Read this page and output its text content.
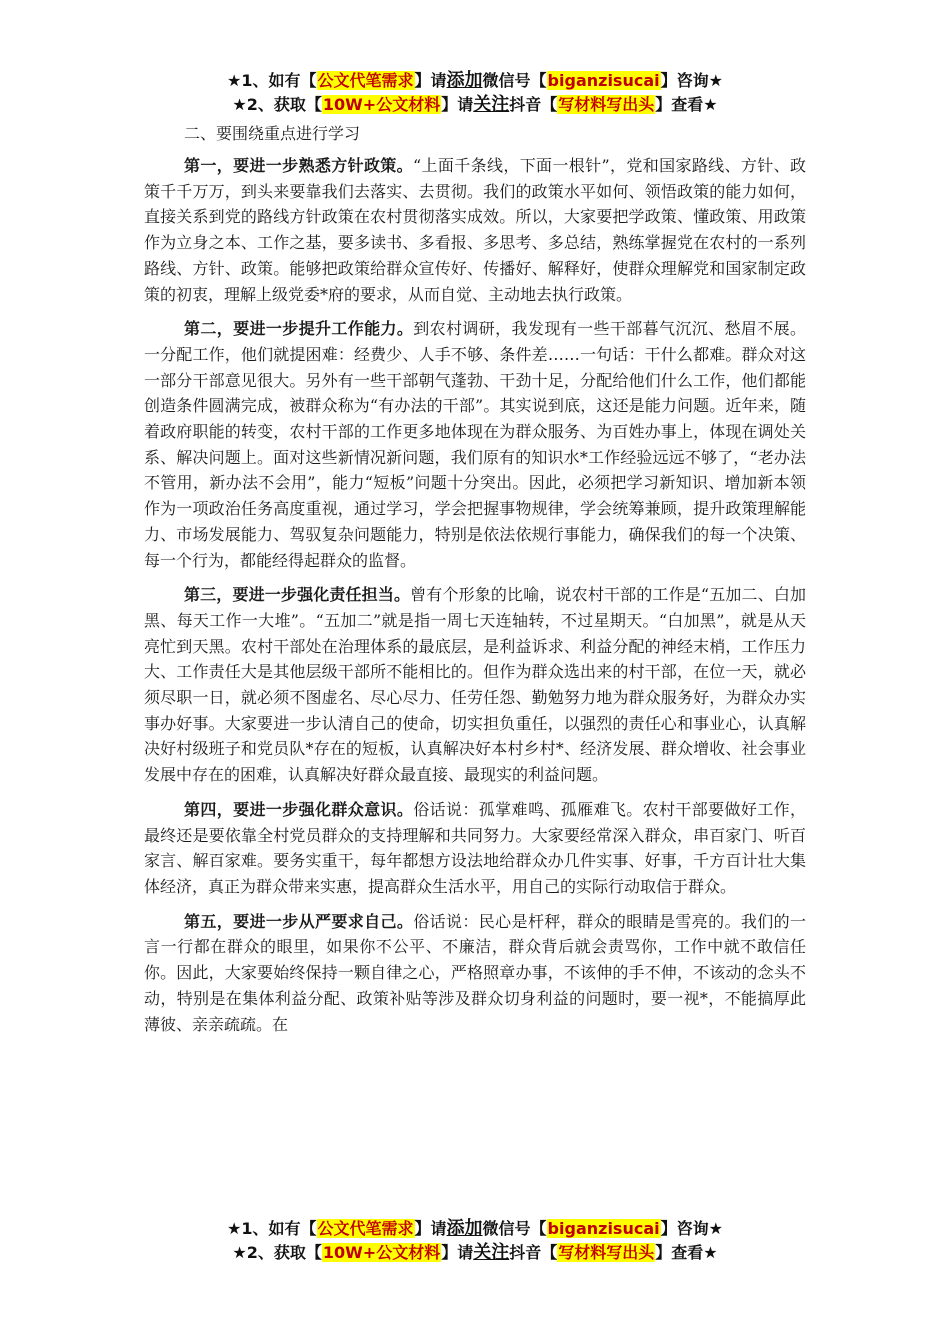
★1、如有【公文代笔需求】请添加微信号【biganzisucai】咨询★
★2、获取【10W+公文材料】请关注抖音【写材料写出头】查看★

二、要围绕重点进行学习

第一，要进一步熟悉方针政策。“上面千条线，下面一根针”，党和国家路线、方针、政策千千万万，到头来要靠我们去落实、去贯彻。我们的政策水平如何、领悟政策的能力如何，直接关系到党的路线方针政策在农村贯彻落实成效。所以，大家要把学政策、懂政策、用政策作为立身之本、工作之基，要多读书、多看报、多思考、多总结，熟练掌握党在农村的一系列路线、方针、政策。能够把政策给群众宣传好、传播好、解释好，使群众理解党和国家制定政策的初衷，理解上级党委*府的要求，从而自觉、主动地去执行政策。

第二，要进一步提升工作能力。到农村调研，我发现有一些干部暮气沉沉、愁眉不展。一分配工作，他们就提困难：经费少、人手不够、条件差……一句话：干什么都难。群众对这一部分干部意见很大。另外有一些干部朝气蓬勃、干劲十足，分配给他们什么工作，他们都能创造条件圆满完成，被群众称为“有办法的干部”。其实说到底，这还是能力问题。近年来，随着政府职能的转变，农村干部的工作更多地体现在为群众服务、为百姓办事上，体现在调处关系、解决问题上。面对这些新情况新问题，我们原有的知识水*工作经验远远不够了，“老办法不管用，新办法不会用”，能力“短板”问题十分突出。因此，必须把学习新知识、增加新本领作为一项政治任务高度重视，通过学习，学会把握事物规律，学会统筹兼顾，提升政策理解能力、市场发展能力、驾驭复杂问题能力，特别是依法依规行事能力，确保我们的每一个决策、每一个行为，都能经得起群众的监督。

第三，要进一步强化责任担当。曾有个形象的比喻，说农村干部的工作是“五加二、白加黑、每天工作一大堆”。“五加二”就是指一周七天连轴转，不过星期天。“白加黑”，就是从天亮忙到天黑。农村干部处在治理体系的最底层，是利益诉求、利益分配的神经末梢，工作压力大、工作责任大是其他层级干部所不能相比的。但作为群众选出来的村干部，在位一天，就必须尽职一日，就必须不图虚名、尽心尽力、任劳任怨、勤勉努力地为群众服务好，为群众办实事办好事。大家要进一步认清自己的使命，切实担负重任，以强烈的责任心和事业心，认真解决好村级班子和党员队*存在的短板，认真解决好本村乡村*、经济发展、群众增收、社会事业发展中存在的困难，认真解决好群众最直接、最现实的利益问题。

第四，要进一步强化群众意识。俗话说：孤掌难鸣、孤雁难飞。农村干部要做好工作，最终还是要依靠全村党员群众的支持理解和共同努力。大家要经常深入群众，串百家门、听百家言、解百家难。要务实重干，每年都想方设法地给群众办几件实事、好事，千方百计壮大集体经济，真正为群众带来实惠，提高群众生活水平，用自己的实际行动取信于群众。

第五，要进一步从严要求自己。俗话说：民心是杆秤，群众的眼睛是雪亮的。我们的一言一行都在群众的眼里，如果你不公平、不廉洁，群众背后就会责骂你，工作中就不敢信任你。因此，大家要始终保持一颗自律之心，严格照章办事，不该伸的手不伸，不该动的念头不动，特别是在集体利益分配、政策补贴等涉及群众切身利益的问题时，要一视*，不能搞厚此薄彼、亲亲疏疏。在

★1、如有【公文代笔需求】请添加微信号【biganzisucai】咨询★
★2、获取【10W+公文材料】请关注抖音【写材料写出头】查看★
